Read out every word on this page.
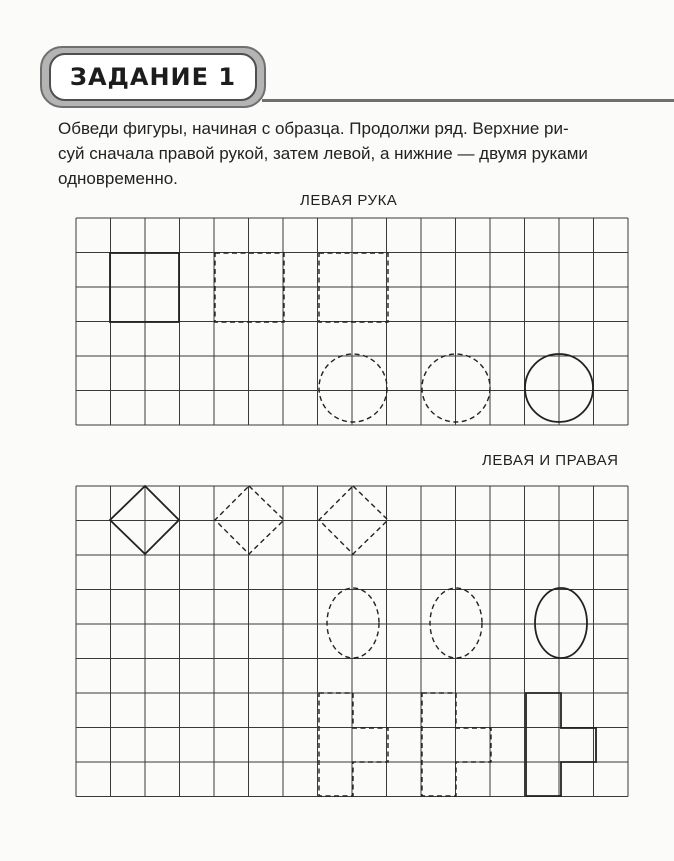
ЗАДАНИЕ 1
Обведи фигуры, начиная с образца. Продолжи ряд. Верхние ри-
суй сначала правой рукой, затем левой, а нижние — двумя руками
одновременно.
ЛЕВАЯ РУКА
ЛЕВАЯ И ПРАВАЯ
